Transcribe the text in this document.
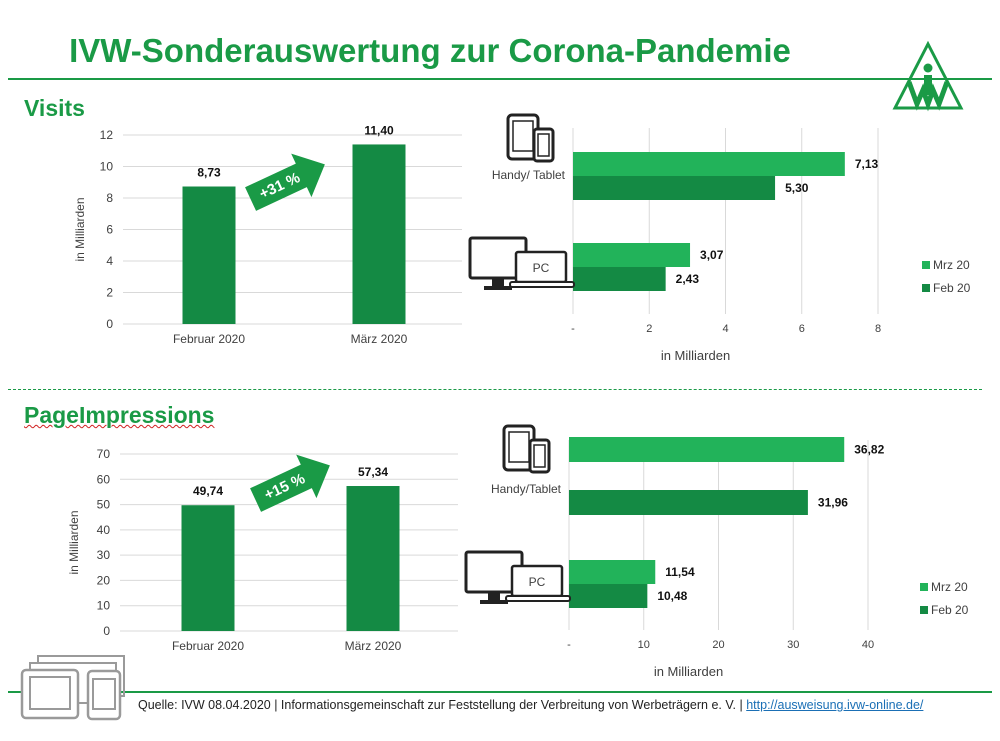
IVW-Sonderauswertung zur Corona-Pandemie
Visits
PageImpressions
0
2
4
6
8
10
12
in Milliarden
8,73
Februar 2020
11,40
März 2020
+31 %
-	2	4	6	8
in Milliarden
7,13
5,30
3,07
2,43
Handy/ Tablet
PC	Mrz 20
Feb 20
0
10
20
30
40
50
60
70
in Milliarden
49,74
Februar 2020
57,34
März 2020
+15 %
-	10	20	30	40
in Milliarden
36,82
31,96
11,54
10,48
Handy/Tablet
PC	Mrz 20
Feb 20
Quelle: IVW 08.04.2020 | Informationsgemeinschaft zur Feststellung der Verbreitung von Werbeträgern e. V. | http://ausweisung.ivw-online.de/
